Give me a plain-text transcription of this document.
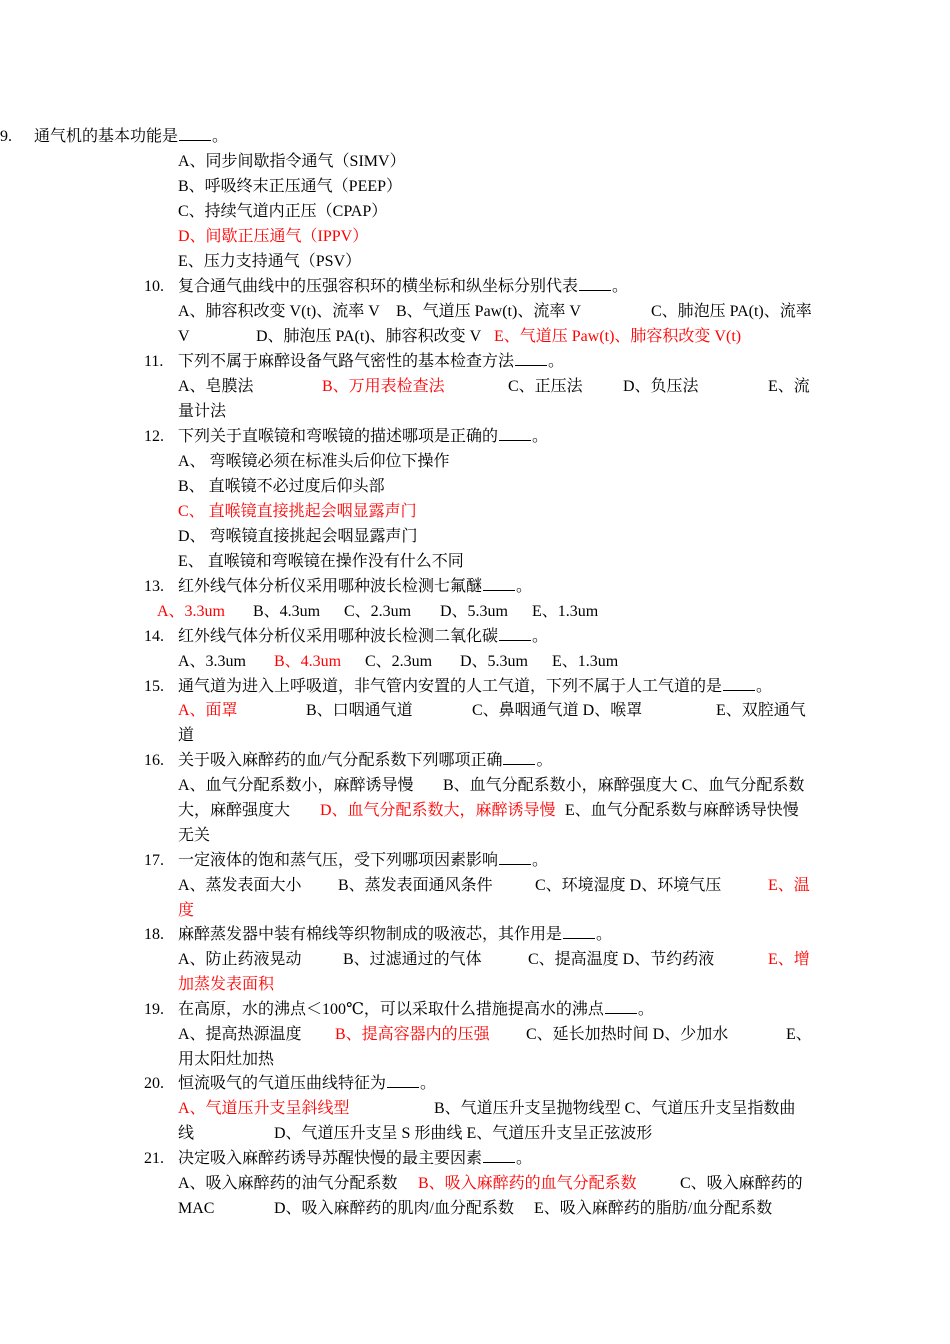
9. 通气机的基本功能是 。
A、同步间歇指令通气（SIMV）
B、呼吸终末正压通气（PEEP）
C、持续气道内正压（CPAP）
D、间歇正压通气（IPPV）
E、压力支持通气（PSV）
10. 复合通气曲线中的压强容积环的横坐标和纵坐标分别代表 。
A、肺容积改变 V(t)、流率 V B、气道压 Paw(t)、流率 V	C、肺泡压 PA(t)、流率
V	D、肺泡压 PA(t)、肺容积改变 V E、气道压 Paw(t)、肺容积改变 V(t)
11. 下列不属于麻醉设备气路气密性的基本检查方法 。
A、皂膜法	B、万用表检查法	C、正压法	D、负压法	E、流
量计法
12. 下列关于直喉镜和弯喉镜的描述哪项是正确的 。
A、 弯喉镜必须在标准头后仰位下操作
B、 直喉镜不必过度后仰头部
C、 直喉镜直接挑起会咽显露声门
D、 弯喉镜直接挑起会咽显露声门
E、 直喉镜和弯喉镜在操作没有什么不同
13. 红外线气体分析仪采用哪种波长检测七氟醚 。
A、3.3um B、4.3um C、2.3um D、5.3um E、1.3um
14. 红外线气体分析仪采用哪种波长检测二氧化碳 。
A、3.3um B、4.3um C、2.3um D、5.3um E、1.3um
15. 通气道为进入上呼吸道，非气管内安置的人工气道，下列不属于人工气道的是 。
A、面罩	B、口咽通气道	C、鼻咽通气道 D、喉罩	E、双腔通气
道
16. 关于吸入麻醉药的血/气分配系数下列哪项正确 。
A、血气分配系数小，麻醉诱导慢 B、血气分配系数小，麻醉强度大 C、血气分配系数
大，麻醉强度大 D、血气分配系数大，麻醉诱导慢 E、血气分配系数与麻醉诱导快慢
无关
17. 一定液体的饱和蒸气压，受下列哪项因素影响 。
A、蒸发表面大小 B、蒸发表面通风条件	C、环境湿度 D、环境气压	E、温
度
18. 麻醉蒸发器中装有棉线等织物制成的吸液芯，其作用是 。
A、防止药液晃动	B、过滤通过的气体	C、提高温度 D、节约药液	E、增
加蒸发表面积
19. 在高原，水的沸点＜100℃，可以采取什么措施提高水的沸点 。
A、提高热源温度 B、提高容器内的压强 C、延长加热时间 D、少加水	E、
用太阳灶加热
20. 恒流吸气的气道压曲线特征为 。
A、气道压升支呈斜线型	B、气道压升支呈抛物线型 C、气道压升支呈指数曲
线	D、气道压升支呈 S 形曲线 E、气道压升支呈正弦波形
21. 决定吸入麻醉药诱导苏醒快慢的最主要因素 。
A、吸入麻醉药的油气分配系数 B、吸入麻醉药的血气分配系数	C、吸入麻醉药的
MAC	D、吸入麻醉药的肌肉/血分配系数 E、吸入麻醉药的脂肪/血分配系数
